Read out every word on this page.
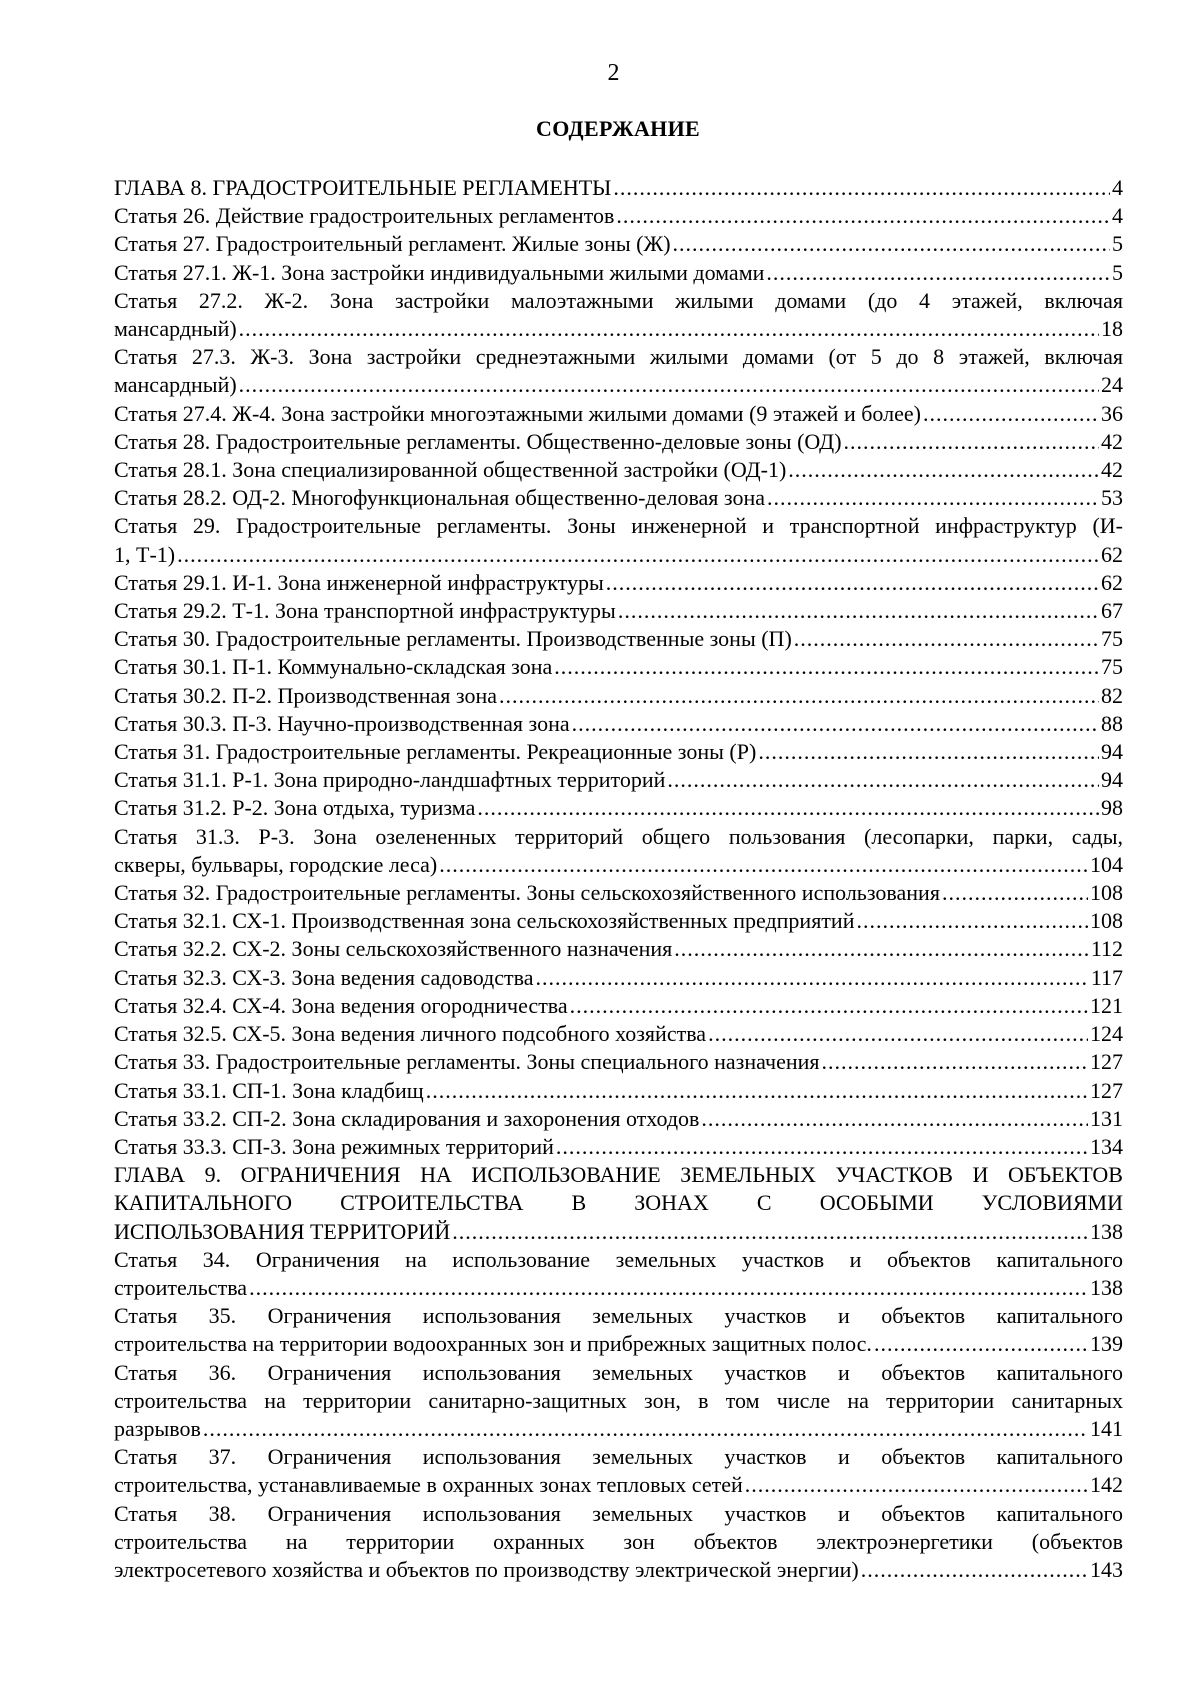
2
СОДЕРЖАНИЕ
ГЛАВА 8. ГРАДОСТРОИТЕЛЬНЫЕ РЕГЛАМЕНТЫ .....	4
Статья 26. Действие градостроительных регламентов .....	4
Статья 27. Градостроительный регламент. Жилые зоны (Ж) .....	5
Статья 27.1. Ж-1. Зона застройки индивидуальными жилыми домами .....	5
Статья 27.2. Ж-2. Зона застройки малоэтажными жилыми домами (до 4 этажей, включая
мансардный) .....	18
Статья 27.3. Ж-3. Зона застройки среднеэтажными жилыми домами (от 5 до 8 этажей, включая
мансардный) .....	24
Статья 27.4. Ж-4. Зона застройки многоэтажными жилыми домами (9 этажей и более) .....	36
Статья 28. Градостроительные регламенты. Общественно-деловые зоны (ОД) .....	42
Статья 28.1. Зона специализированной общественной застройки (ОД-1) .....	42
Статья 28.2. ОД-2. Многофункциональная общественно-деловая зона .....	53
Статья 29. Градостроительные регламенты. Зоны инженерной и транспортной инфраструктур (И-
1, Т-1) .....	62
Статья 29.1. И-1. Зона инженерной инфраструктуры .....	62
Статья 29.2. Т-1. Зона транспортной инфраструктуры .....	67
Статья 30. Градостроительные регламенты. Производственные зоны (П) .....	75
Статья 30.1. П-1. Коммунально-складская зона .....	75
Статья 30.2. П-2. Производственная зона .....	82
Статья 30.3. П-3. Научно-производственная зона .....	88
Статья 31. Градостроительные регламенты. Рекреационные зоны (Р) .....	94
Статья 31.1. Р-1. Зона природно-ландшафтных территорий .....	94
Статья 31.2. Р-2. Зона отдыха, туризма .....	98
Статья 31.3. Р-3. Зона озелененных территорий общего пользования (лесопарки, парки, сады,
скверы, бульвары, городские леса) .....	104
Статья 32. Градостроительные регламенты. Зоны сельскохозяйственного использования .....	108
Статья 32.1. СХ-1. Производственная зона сельскохозяйственных предприятий .....	108
Статья 32.2. СХ-2. Зоны сельскохозяйственного назначения .....	112
Статья 32.3. СХ-3. Зона ведения садоводства .....	117
Статья 32.4. СХ-4. Зона ведения огородничества .....	121
Статья 32.5. СХ-5. Зона ведения личного подсобного хозяйства .....	124
Статья 33. Градостроительные регламенты. Зоны специального назначения .....	127
Статья 33.1. СП-1. Зона кладбищ .....	127
Статья 33.2. СП-2. Зона складирования и захоронения отходов .....	131
Статья 33.3. СП-3. Зона режимных территорий .....	134
ГЛАВА 9. ОГРАНИЧЕНИЯ НА ИСПОЛЬЗОВАНИЕ ЗЕМЕЛЬНЫХ УЧАСТКОВ И ОБЪЕКТОВ
КАПИТАЛЬНОГО СТРОИТЕЛЬСТВА В ЗОНАХ С ОСОБЫМИ УСЛОВИЯМИ
ИСПОЛЬЗОВАНИЯ ТЕРРИТОРИЙ .....	138
Статья 34. Ограничения на использование земельных участков и объектов капитального
строительства .....	138
Статья 35. Ограничения использования земельных участков и объектов капитального
строительства на территории водоохранных зон и прибрежных защитных полос. .....	139
Статья 36. Ограничения использования земельных участков и объектов капитального
строительства на территории санитарно-защитных зон, в том числе на территории санитарных
разрывов .....	141
Статья 37. Ограничения использования земельных участков и объектов капитального
строительства, устанавливаемые в охранных зонах тепловых сетей .....	142
Статья 38. Ограничения использования земельных участков и объектов капитального
строительства на территории охранных зон объектов электроэнергетики (объектов
электросетевого хозяйства и объектов по производству электрической энергии) .....	143
